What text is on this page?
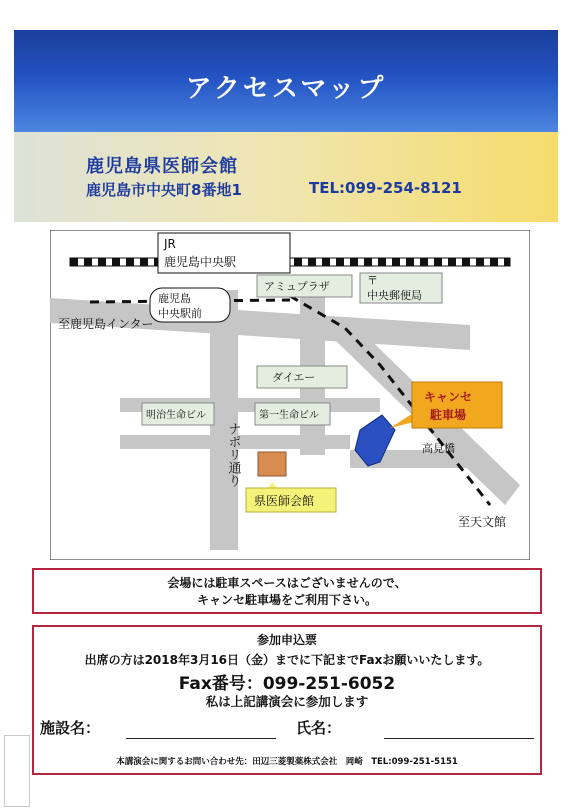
アクセスマップ
鹿児島県医師会館
鹿児島市中央町8番地1	TEL:099-254-8121
JR
鹿児島中央駅
アミュプラザ	〒
中央郵便局
鹿児島
中央駅前
至鹿児島インター
ダイエー
明治生命ビル	第一生命ビル
ナポリ通り
キャンセ
駐車場
高見橋
至天文館
県医師会館
会場には駐車スペースはございませんので、
キャンセ駐車場をご利用下さい。
参加申込票
出席の方は2018年3月16日（金）までに下記までFaxお願いいたします。
Fax番号：099-251-6052
私は上記講演会に参加します
施設名：	氏名：
本講演会に関するお問い合わせ先：田辺三菱製薬株式会社　岡崎　TEL:099-251-5151
